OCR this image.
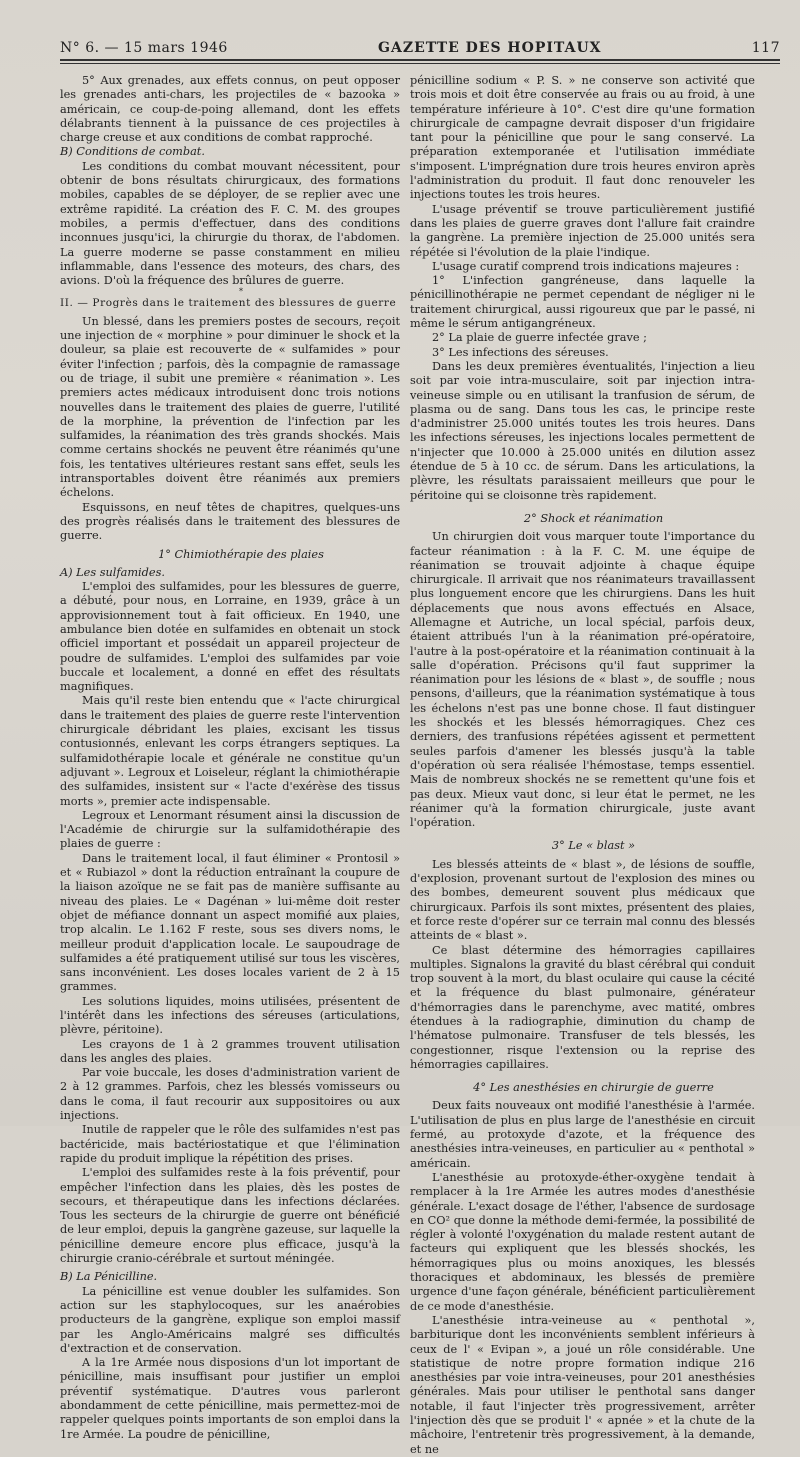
N° 6. — 15 mars 1946	GAZETTE DES HOPITAUX	117

5° Aux grenades, aux effets connus, on peut opposer les grenades anti-chars, les projectiles de « bazooka » américain, ce coup-de-poing allemand, dont les effets délabrants tiennent à la puissance de ces projectiles à charge creuse et aux conditions de combat rapproché.

B) Conditions de combat.

Les conditions du combat mouvant nécessitent, pour obtenir de bons résultats chirurgicaux, des formations mobiles, capables de se déployer, de se replier avec une extrême rapidité. La création des F. C. M. des groupes mobiles, a permis d'effectuer, dans des conditions inconnues jusqu'ici, la chirurgie du thorax, de l'abdomen. La guerre moderne se passe constamment en milieu inflammable, dans l'essence des moteurs, des chars, des avions. D'où la fréquence des brûlures de guerre.

*

II. — Progrès dans le traitement des blessures de guerre

Un blessé, dans les premiers postes de secours, reçoit une injection de « morphine » pour diminuer le shock et la douleur, sa plaie est recouverte de « sulfamides » pour éviter l'infection ; parfois, dès la compagnie de ramassage ou de triage, il subit une première « réanimation ». Les premiers actes médicaux introduisent donc trois notions nouvelles dans le traitement des plaies de guerre, l'utilité de la morphine, la prévention de l'infection par les sulfamides, la réanimation des très grands shockés. Mais comme certains shockés ne peuvent être réanimés qu'une fois, les tentatives ultérieures restant sans effet, seuls les intransportables doivent être réanimés aux premiers échelons.

Esquissons, en neuf têtes de chapitres, quelques-uns des progrès réalisés dans le traitement des blessures de guerre.

1° Chimiothérapie des plaies

A) Les sulfamides.

L'emploi des sulfamides, pour les blessures de guerre, a débuté, pour nous, en Lorraine, en 1939, grâce à un approvisionnement tout à fait officieux. En 1940, une ambulance bien dotée en sulfamides en obtenait un stock officiel important et possédait un appareil projecteur de poudre de sulfamides. L'emploi des sulfamides par voie buccale et localement, a donné en effet des résultats magnifiques.

Mais qu'il reste bien entendu que « l'acte chirurgical dans le traitement des plaies de guerre reste l'intervention chirurgicale débridant les plaies, excisant les tissus contusionnés, enlevant les corps étrangers septiques. La sulfamidothérapie locale et générale ne constitue qu'un adjuvant ». Legroux et Loiseleur, réglant la chimiothérapie des sulfamides, insistent sur « l'acte d'exérèse des tissus morts », premier acte indispensable.

Legroux et Lenormant résument ainsi la discussion de l'Académie de chirurgie sur la sulfamidothérapie des plaies de guerre :

Dans le traitement local, il faut éliminer « Prontosil » et « Rubiazol » dont la réduction entraînant la coupure de la liaison azoïque ne se fait pas de manière suffisante au niveau des plaies. Le « Dagénan » lui-même doit rester objet de méfiance donnant un aspect momifié aux plaies, trop alcalin. Le 1.162 F reste, sous ses divers noms, le meilleur produit d'application locale. Le saupoudrage de sulfamides a été pratiquement utilisé sur tous les viscères, sans inconvénient. Les doses locales varient de 2 à 15 grammes.

Les solutions liquides, moins utilisées, présentent de l'intérêt dans les infections des séreuses (articulations, plèvre, péritoine).

Les crayons de 1 à 2 grammes trouvent utilisation dans les angles des plaies.

Par voie buccale, les doses d'administration varient de 2 à 12 grammes. Parfois, chez les blessés vomisseurs ou dans le coma, il faut recourir aux suppositoires ou aux injections.

Inutile de rappeler que le rôle des sulfamides n'est pas bactéricide, mais bactériostatique et que l'élimination rapide du produit implique la répétition des prises.

L'emploi des sulfamides reste à la fois préventif, pour empêcher l'infection dans les plaies, dès les postes de secours, et thérapeutique dans les infections déclarées. Tous les secteurs de la chirurgie de guerre ont bénéficié de leur emploi, depuis la gangrène gazeuse, sur laquelle la pénicilline demeure encore plus efficace, jusqu'à la chirurgie cranio-cérébrale et surtout méningée.

B) La Pénicilline.

La pénicilline est venue doubler les sulfamides. Son action sur les staphylocoques, sur les anaérobies producteurs de la gangrène, explique son emploi massif par les Anglo-Américains malgré ses difficultés d'extraction et de conservation.

A la 1re Armée nous disposions d'un lot important de pénicilline, mais insuffisant pour justifier un emploi préventif systématique. D'autres vous parleront abondamment de cette pénicilline, mais permettez-moi de rappeler quelques points importants de son emploi dans la 1re Armée. La poudre de pénicilline,

pénicilline sodium « P. S. » ne conserve son activité que trois mois et doit être conservée au frais ou au froid, à une température inférieure à 10°. C'est dire qu'une formation chirurgicale de campagne devrait disposer d'un frigidaire tant pour la pénicilline que pour le sang conservé. La préparation extemporanée et l'utilisation immédiate s'imposent. L'imprégnation dure trois heures environ après l'administration du produit. Il faut donc renouveler les injections toutes les trois heures.

L'usage préventif se trouve particulièrement justifié dans les plaies de guerre graves dont l'allure fait craindre la gangrène. La première injection de 25.000 unités sera répétée si l'évolution de la plaie l'indique.

L'usage curatif comprend trois indications majeures :

1° L'infection gangréneuse, dans laquelle la pénicillinothérapie ne permet cependant de négliger ni le traitement chirurgical, aussi rigoureux que par le passé, ni même le sérum antigangréneux.

2° La plaie de guerre infectée grave ;

3° Les infections des séreuses.

Dans les deux premières éventualités, l'injection a lieu soit par voie intra-musculaire, soit par injection intra-veineuse simple ou en utilisant la tranfusion de sérum, de plasma ou de sang. Dans tous les cas, le principe reste d'administrer 25.000 unités toutes les trois heures. Dans les infections séreuses, les injections locales permettent de n'injecter que 10.000 à 25.000 unités en dilution assez étendue de 5 à 10 cc. de sérum. Dans les articulations, la plèvre, les résultats paraissaient meilleurs que pour le péritoine qui se cloisonne très rapidement.

2° Shock et réanimation

Un chirurgien doit vous marquer toute l'importance du facteur réanimation : à la F. C. M. une équipe de réanimation se trouvait adjointe à chaque équipe chirurgicale. Il arrivait que nos réanimateurs travaillassent plus longuement encore que les chirurgiens. Dans les huit déplacements que nous avons effectués en Alsace, Allemagne et Autriche, un local spécial, parfois deux, étaient attribués l'un à la réanimation pré-opératoire, l'autre à la post-opératoire et la réanimation continuait à la salle d'opération. Précisons qu'il faut supprimer la réanimation pour les lésions de « blast », de souffle ; nous pensons, d'ailleurs, que la réanimation systématique à tous les échelons n'est pas une bonne chose. Il faut distinguer les shockés et les blessés hémorragiques. Chez ces derniers, des tranfusions répétées agissent et permettent seules parfois d'amener les blessés jusqu'à la table d'opération où sera réalisée l'hémostase, temps essentiel. Mais de nombreux shockés ne se remettent qu'une fois et pas deux. Mieux vaut donc, si leur état le permet, ne les réanimer qu'à la formation chirurgicale, juste avant l'opération.

3° Le « blast »

Les blessés atteints de « blast », de lésions de souffle, d'explosion, provenant surtout de l'explosion des mines ou des bombes, demeurent souvent plus médicaux que chirurgicaux. Parfois ils sont mixtes, présentent des plaies, et force reste d'opérer sur ce terrain mal connu des blessés atteints de « blast ».

Ce blast détermine des hémorragies capillaires multiples. Signalons la gravité du blast cérébral qui conduit trop souvent à la mort, du blast oculaire qui cause la cécité et la fréquence du blast pulmonaire, générateur d'hémorragies dans le parenchyme, avec matité, ombres étendues à la radiographie, diminution du champ de l'hématose pulmonaire. Transfuser de tels blessés, les congestionner, risque l'extension ou la reprise des hémorragies capillaires.

4° Les anesthésies en chirurgie de guerre

Deux faits nouveaux ont modifié l'anesthésie à l'armée. L'utilisation de plus en plus large de l'anesthésie en circuit fermé, au protoxyde d'azote, et la fréquence des anesthésies intra-veineuses, en particulier au « penthotal » américain.

L'anesthésie au protoxyde-éther-oxygène tendait à remplacer à la 1re Armée les autres modes d'anesthésie générale. L'exact dosage de l'éther, l'absence de surdosage en CO² que donne la méthode demi-fermée, la possibilité de régler à volonté l'oxygénation du malade restent autant de facteurs qui expliquent que les blessés shockés, les hémorragiques plus ou moins anoxiques, les blessés thoraciques et abdominaux, les blessés de première urgence d'une façon générale, bénéficient particulièrement de ce mode d'anesthésie.

L'anesthésie intra-veineuse au « penthotal », barbiturique dont les inconvénients semblent inférieurs à ceux de l' « Evipan », a joué un rôle considérable. Une statistique de notre propre formation indique 216 anesthésies par voie intra-veineuses, pour 201 anesthésies générales. Mais pour utiliser le penthotal sans danger notable, il faut l'injecter très progressivement, arrêter l'injection dès que se produit l' « apnée » et la chute de la mâchoire, l'entretenir très progressivement, à la demande, et ne
